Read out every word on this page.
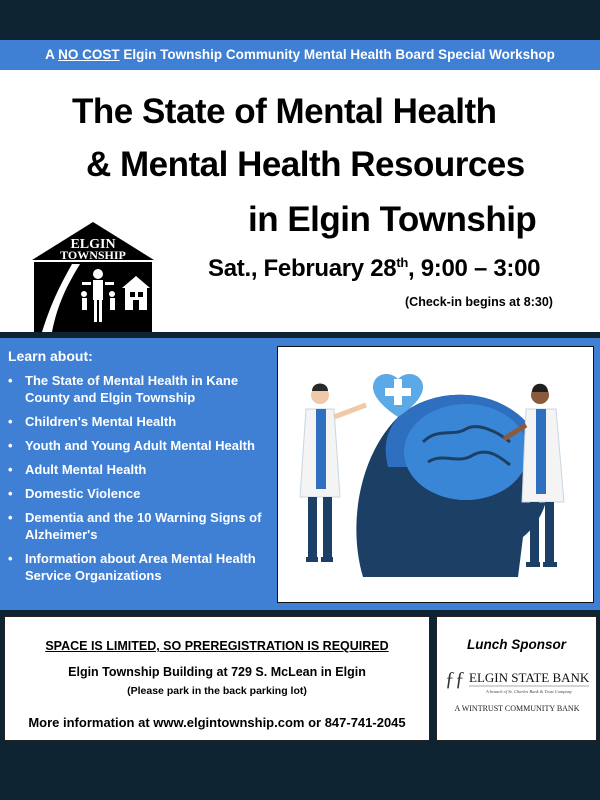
A NO COST Elgin Township Community Mental Health Board Special Workshop
The State of Mental Health
& Mental Health Resources
in Elgin Township
ELGIN
TOWNSHIP	Sat., February 28th, 9:00 – 3:00
(Check-in begins at 8:30)
Learn about:
• The State of Mental Health in Kane County and Elgin Township
• Children's Mental Health
• Youth and Young Adult Mental Health
• Adult Mental Health
• Domestic Violence
• Dementia and the 10 Warning Signs of Alzheimer's
• Information about Area Mental Health Service Organizations
SPACE IS LIMITED, SO PREREGISTRATION IS REQUIRED
Elgin Township Building at 729 S. McLean in Elgin
(Please park in the back parking lot)
More information at www.elgintownship.com or 847-741-2045
Lunch Sponsor
ƒƒ ELGIN STATE BANK
A branch of St. Charles Bank & Trust Company
A WINTRUST COMMUNITY BANK
